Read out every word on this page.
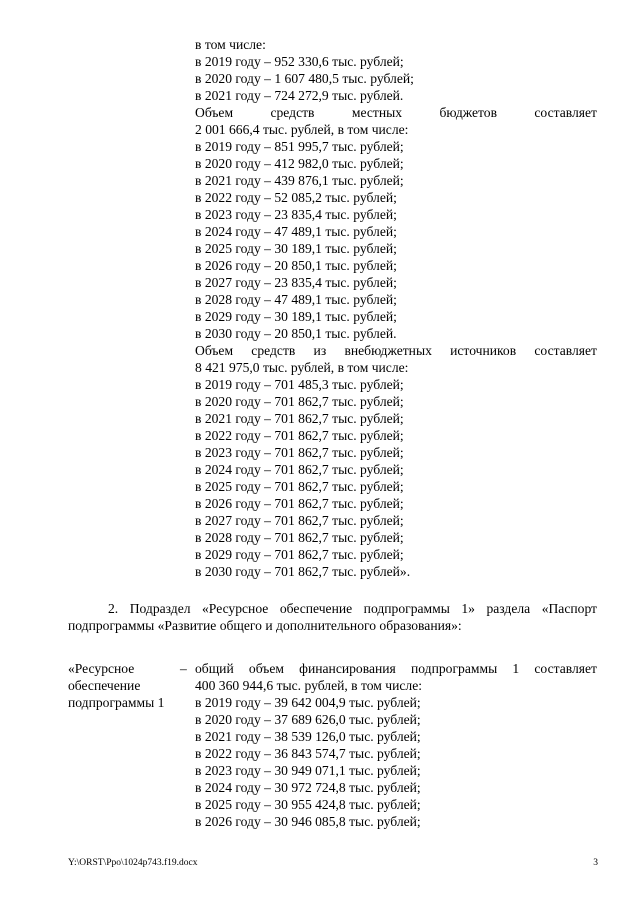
в том числе:
в 2019 году – 952 330,6 тыс. рублей;
в 2020 году – 1 607 480,5 тыс. рублей;
в 2021 году – 724 272,9 тыс. рублей.
Объем средств местных бюджетов составляет
2 001 666,4 тыс. рублей, в том числе:
в 2019 году – 851 995,7 тыс. рублей;
в 2020 году – 412 982,0 тыс. рублей;
в 2021 году – 439 876,1 тыс. рублей;
в 2022 году – 52 085,2 тыс. рублей;
в 2023 году – 23 835,4 тыс. рублей;
в 2024 году – 47 489,1 тыс. рублей;
в 2025 году – 30 189,1 тыс. рублей;
в 2026 году – 20 850,1 тыс. рублей;
в 2027 году – 23 835,4 тыс. рублей;
в 2028 году – 47 489,1 тыс. рублей;
в 2029 году – 30 189,1 тыс. рублей;
в 2030 году – 20 850,1 тыс. рублей.
Объем средств из внебюджетных источников составляет
8 421 975,0 тыс. рублей, в том числе:
в 2019 году – 701 485,3 тыс. рублей;
в 2020 году – 701 862,7 тыс. рублей;
в 2021 году – 701 862,7 тыс. рублей;
в 2022 году – 701 862,7 тыс. рублей;
в 2023 году – 701 862,7 тыс. рублей;
в 2024 году – 701 862,7 тыс. рублей;
в 2025 году – 701 862,7 тыс. рублей;
в 2026 году – 701 862,7 тыс. рублей;
в 2027 году – 701 862,7 тыс. рублей;
в 2028 году – 701 862,7 тыс. рублей;
в 2029 году – 701 862,7 тыс. рублей;
в 2030 году – 701 862,7 тыс. рублей».
2. Подраздел «Ресурсное обеспечение подпрограммы 1» раздела «Паспорт
подпрограммы «Развитие общего и дополнительного образования»:
«Ресурсное
обеспечение
подпрограммы 1
– общий объем финансирования подпрограммы 1 составляет
400 360 944,6 тыс. рублей, в том числе:
в 2019 году – 39 642 004,9 тыс. рублей;
в 2020 году – 37 689 626,0 тыс. рублей;
в 2021 году – 38 539 126,0 тыс. рублей;
в 2022 году – 36 843 574,7 тыс. рублей;
в 2023 году – 30 949 071,1 тыс. рублей;
в 2024 году – 30 972 724,8 тыс. рублей;
в 2025 году – 30 955 424,8 тыс. рублей;
в 2026 году – 30 946 085,8 тыс. рублей;
Y:\ORST\Ppo\1024p743.f19.docx	3
